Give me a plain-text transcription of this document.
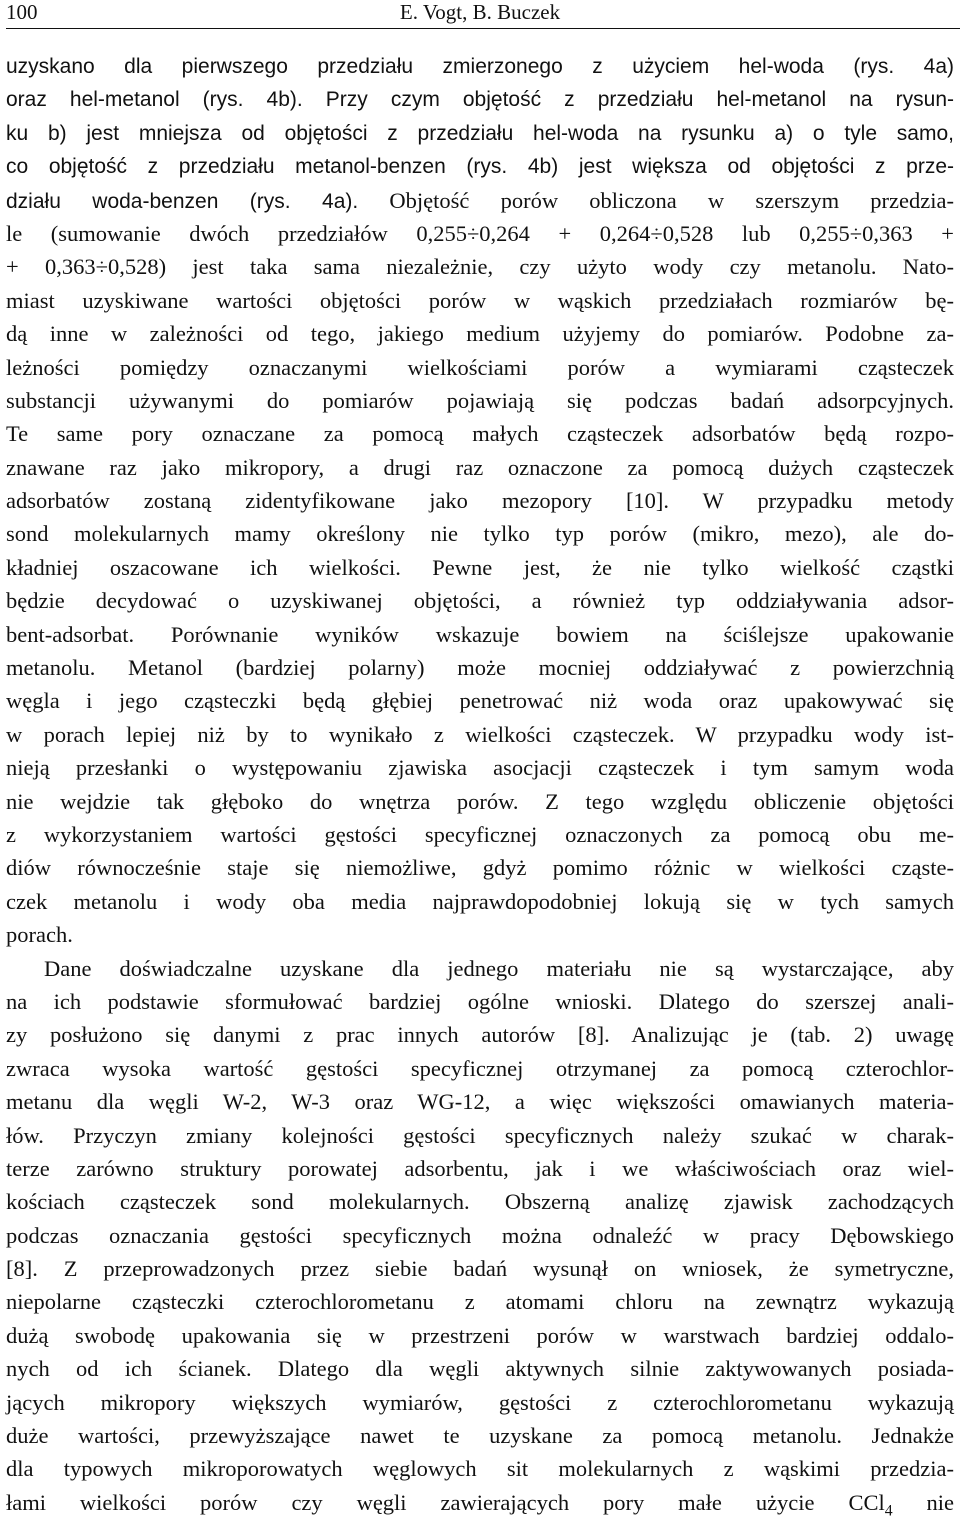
100	E. Vogt, B. Buczek
uzyskano dla pierwszego przedziału zmierzonego z użyciem hel-woda (rys. 4a)
oraz hel-metanol (rys. 4b). Przy czym objętość z przedziału hel-metanol na rysun-
ku b) jest mniejsza od objętości z przedziału hel-woda na rysunku a) o tyle samo,
co objętość z przedziału metanol-benzen (rys. 4b) jest większa od objętości z prze-
działu woda-benzen (rys. 4a). Objętość porów obliczona w szerszym przedzia-
le (sumowanie dwóch przedziałów 0,255÷0,264 + 0,264÷0,528 lub 0,255÷0,363 +
+ 0,363÷0,528) jest taka sama niezależnie, czy użyto wody czy metanolu. Nato-
miast uzyskiwane wartości objętości porów w wąskich przedziałach rozmiarów bę-
dą inne w zależności od tego, jakiego medium użyjemy do pomiarów. Podobne za-
leżności pomiędzy oznaczanymi wielkościami porów a wymiarami cząsteczek
substancji używanymi do pomiarów pojawiają się podczas badań adsorpcyjnych.
Te same pory oznaczane za pomocą małych cząsteczek adsorbatów będą rozpo-
znawane raz jako mikropory, a drugi raz oznaczone za pomocą dużych cząsteczek
adsorbatów zostaną zidentyfikowane jako mezopory [10]. W przypadku metody
sond molekularnych mamy określony nie tylko typ porów (mikro, mezo), ale do-
kładniej oszacowane ich wielkości. Pewne jest, że nie tylko wielkość cząstki
będzie decydować o uzyskiwanej objętości, a również typ oddziaływania adsor-
bent-adsorbat. Porównanie wyników wskazuje bowiem na ściślejsze upakowanie
metanolu. Metanol (bardziej polarny) może mocniej oddziaływać z powierzchnią
węgla i jego cząsteczki będą głębiej penetrować niż woda oraz upakowywać się
w porach lepiej niż by to wynikało z wielkości cząsteczek. W przypadku wody ist-
nieją przesłanki o występowaniu zjawiska asocjacji cząsteczek i tym samym woda
nie wejdzie tak głęboko do wnętrza porów. Z tego względu obliczenie objętości
z wykorzystaniem wartości gęstości specyficznej oznaczonych za pomocą obu me-
diów równocześnie staje się niemożliwe, gdyż pomimo różnic w wielkości cząste-
czek metanolu i wody oba media najprawdopodobniej lokują się w tych samych
porach.
Dane doświadczalne uzyskane dla jednego materiału nie są wystarczające, aby
na ich podstawie sformułować bardziej ogólne wnioski. Dlatego do szerszej anali-
zy posłużono się danymi z prac innych autorów [8]. Analizując je (tab. 2) uwagę
zwraca wysoka wartość gęstości specyficznej otrzymanej za pomocą czterochlor-
metanu dla węgli W-2, W-3 oraz WG-12, a więc większości omawianych materia-
łów. Przyczyn zmiany kolejności gęstości specyficznych należy szukać w charak-
terze zarówno struktury porowatej adsorbentu, jak i we właściwościach oraz wiel-
kościach cząsteczek sond molekularnych. Obszerną analizę zjawisk zachodzących
podczas oznaczania gęstości specyficznych można odnaleźć w pracy Dębowskiego
[8]. Z przeprowadzonych przez siebie badań wysunął on wniosek, że symetryczne,
niepolarne cząsteczki czterochlorometanu z atomami chloru na zewnątrz wykazują
dużą swobodę upakowania się w przestrzeni porów w warstwach bardziej oddalo-
nych od ich ścianek. Dlatego dla węgli aktywnych silnie zaktywowanych posiada-
jących mikropory większych wymiarów, gęstości z czterochlorometanu wykazują
duże wartości, przewyższające nawet te uzyskane za pomocą metanolu. Jednakże
dla typowych mikroporowatych węglowych sit molekularnych z wąskimi przedzia-
łami wielkości porów czy węgli zawierających pory małe użycie CCl$_4$ nie
